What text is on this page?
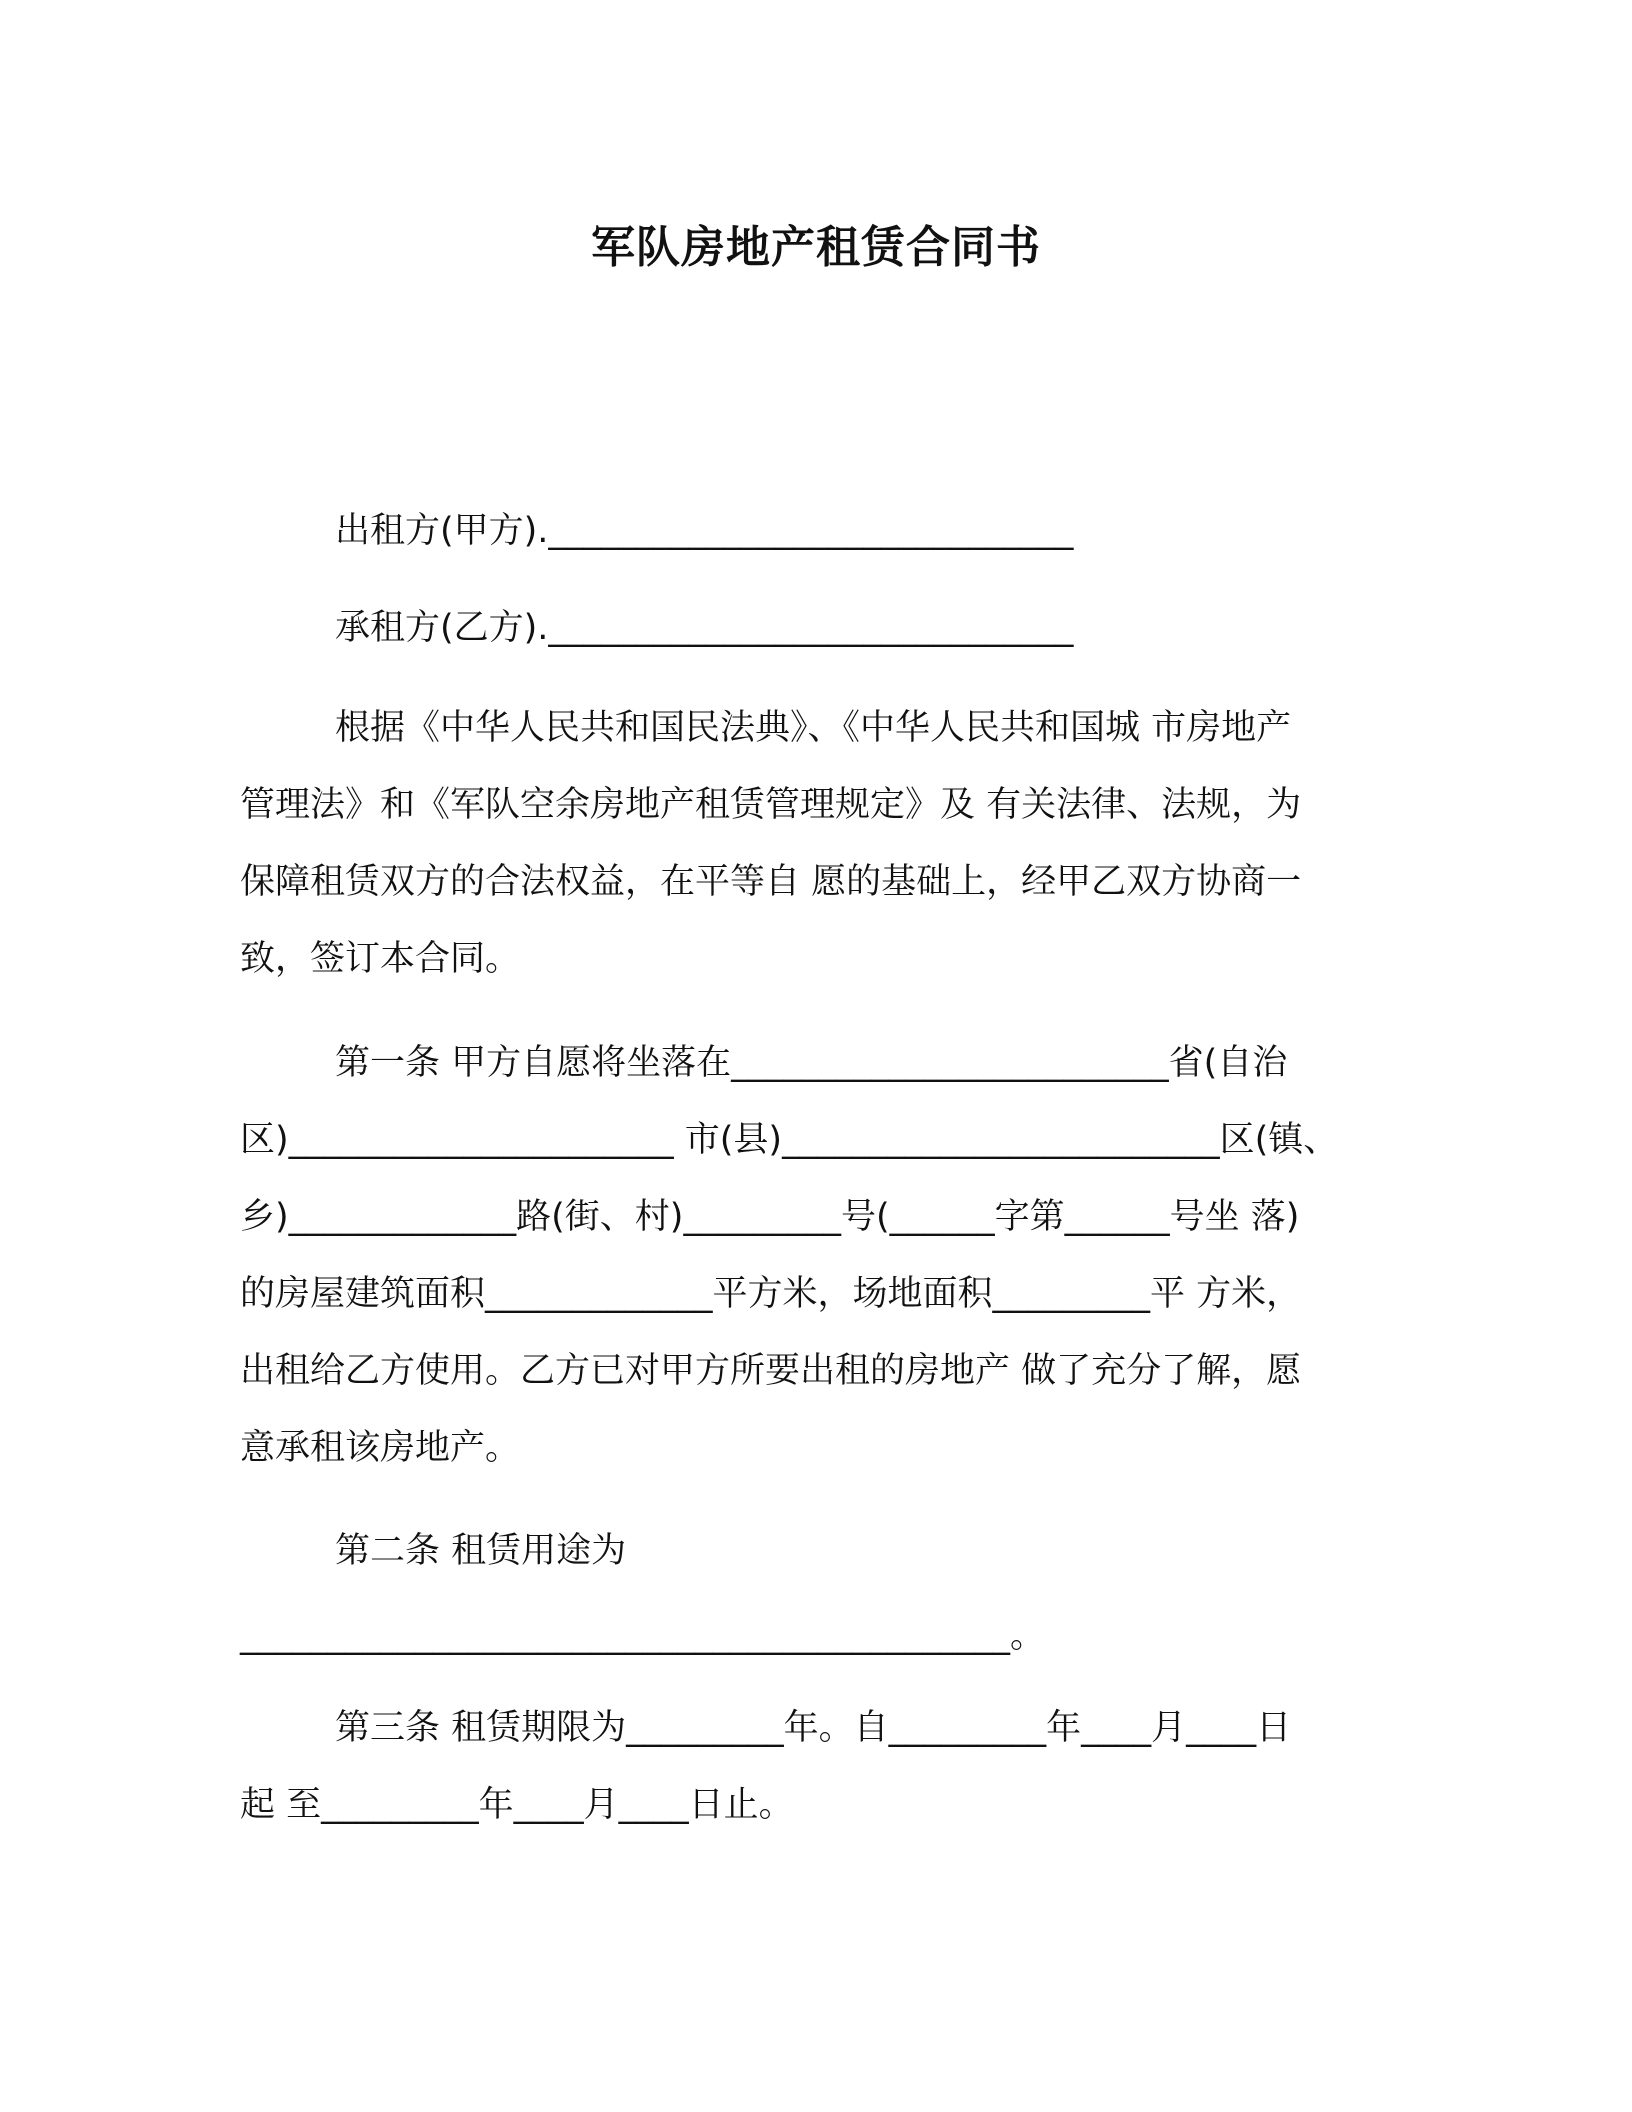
军队房地产租赁合同书

出租方(甲方).______________________________

承租方(乙方).______________________________

根据《中华人民共和国民法典》、《中华人民共和国城 市房地产

管理法》和《军队空余房地产租赁管理规定》及 有关法律、法规，为

保障租赁双方的合法权益，在平等自 愿的基础上，经甲乙双方协商一

致，签订本合同。

第一条 甲方自愿将坐落在_________________________省(自治

区)______________________ 市(县)_________________________区(镇、

乡)_____________路(街、村)_________号(______字第______号坐 落)

的房屋建筑面积_____________平方米，场地面积_________平 方米，

出租给乙方使用。乙方已对甲方所要出租的房地产 做了充分了解，愿

意承租该房地产。

第二条 租赁用途为

____________________________________________。

第三条 租赁期限为_________年。自_________年____月____日

起 至_________年____月____日止。
